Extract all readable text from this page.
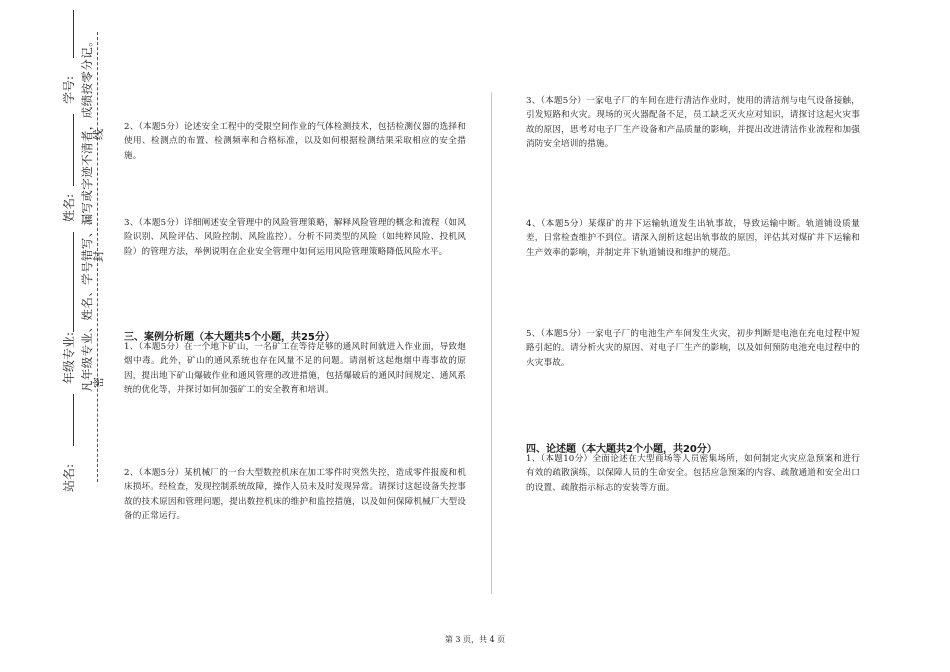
学号:
姓名:
年级专业:
站名:
凡年级专业、姓名、学号错写、漏写或字迹不清者，成绩按零分记。
密
封
线
2、（本题5分）论述安全工程中的受限空间作业的气体检测技术，包括检测仪器的选择和使用、检测点的布置、检测频率和合格标准，以及如何根据检测结果采取相应的安全措施。
3、（本题5分）详细阐述安全管理中的风险管理策略，解释风险管理的概念和流程（如风险识别、风险评估、风险控制、风险监控）。分析不同类型的风险（如纯粹风险、投机风险）的管理方法，举例说明在企业安全管理中如何运用风险管理策略降低风险水平。
三、案例分析题（本大题共5个小题，共25分）
1、（本题5分）在一个地下矿山，一名矿工在等待足够的通风时间就进入作业面，导致炮烟中毒。此外，矿山的通风系统也存在风量不足的问题。请剖析这起炮烟中毒事故的原因，提出地下矿山爆破作业和通风管理的改进措施，包括爆破后的通风时间规定、通风系统的优化等，并探讨如何加强矿工的安全教育和培训。
2、（本题5分）某机械厂的一台大型数控机床在加工零件时突然失控，造成零件报废和机床损坏。经检查，发现控制系统故障，操作人员未及时发现异常。请探讨这起设备失控事故的技术原因和管理问题，提出数控机床的维护和监控措施，以及如何保障机械厂大型设备的正常运行。
3、（本题5分）一家电子厂的车间在进行清洁作业时，使用的清洁剂与电气设备接触，引发短路和火灾。现场的灭火器配备不足，员工缺乏灭火应对知识，请探讨这起火灾事故的原因，思考对电子厂生产设备和产品质量的影响，并提出改进清洁作业流程和加强消防安全培训的措施。
4、（本题5分）某煤矿的井下运输轨道发生出轨事故，导致运输中断。轨道铺设质量差，日常检查维护不到位。请深入剖析这起出轨事故的原因，评估其对煤矿井下运输和生产效率的影响，并制定井下轨道铺设和维护的规范。
5、（本题5分）一家电子厂的电池生产车间发生火灾，初步判断是电池在充电过程中短路引起的。请分析火灾的原因、对电子厂生产的影响，以及如何预防电池充电过程中的火灾事故。
四、论述题（本大题共2个小题，共20分）
1、（本题10分）全面论述在大型商场等人员密集场所，如何制定火灾应急预案和进行有效的疏散演练，以保障人员的生命安全。包括应急预案的内容、疏散通道和安全出口的设置、疏散指示标志的安装等方面。
第 3 页，共 4 页
